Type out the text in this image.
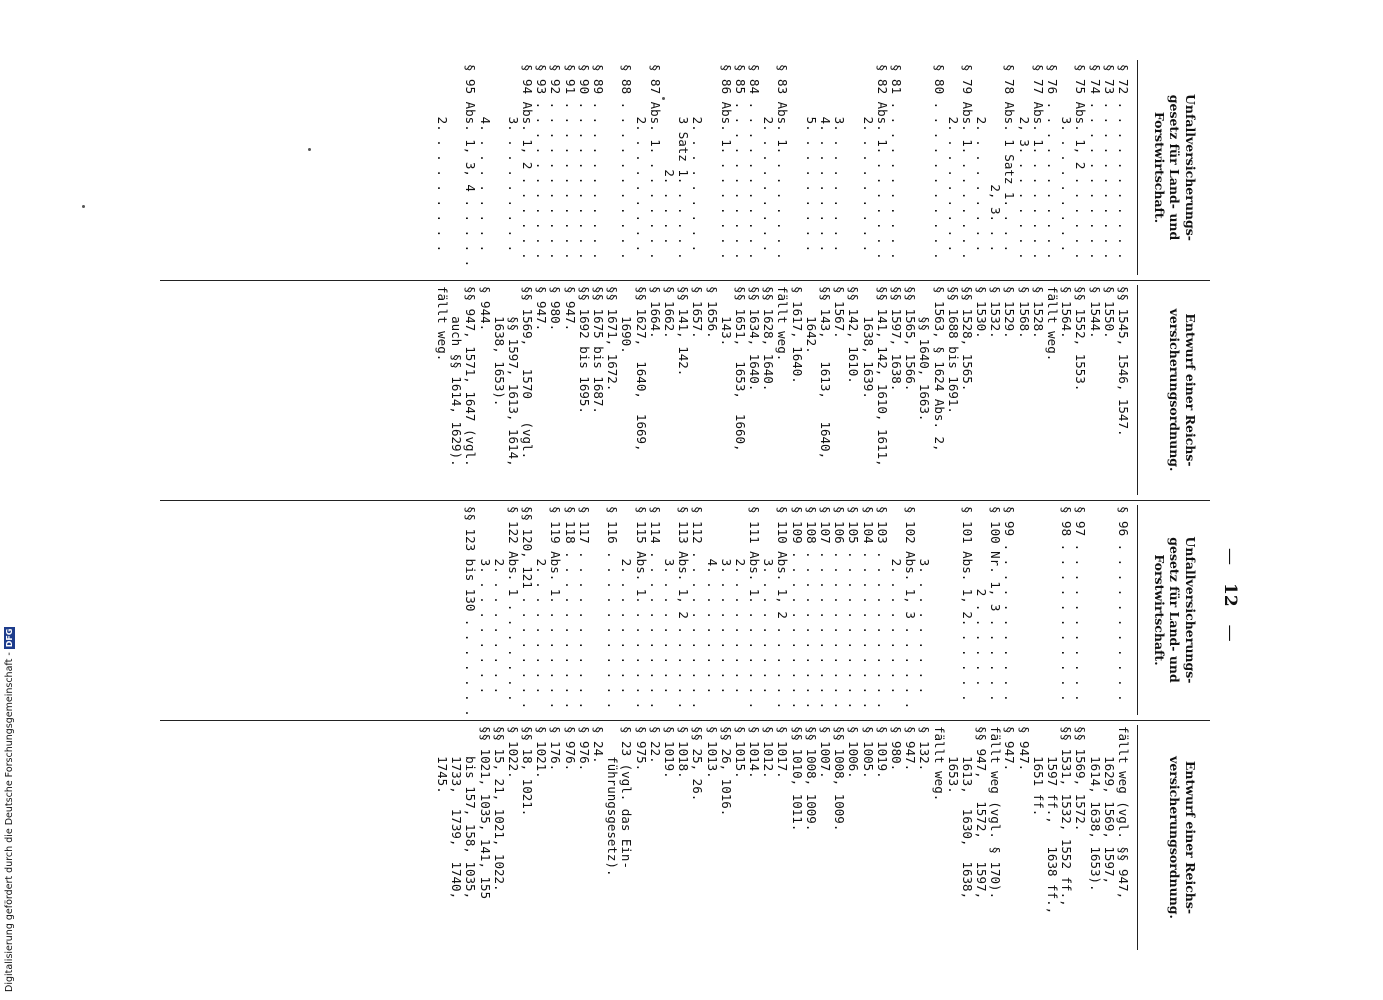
—12—
Unfallversicherungs-
gesetz für Land- und
Forstwirtschaft.
Entwurf einer Reichs-
versicherungsordnung.
Unfallversicherungs-
gesetz für Land- und
Forstwirtschaft.
Entwurf einer Reichs-
versicherungsordnung.
§ 72 . . . . . . . . . . .
§ 73 . . . . . . . . . . .
§ 74 . . . . . . . . . . .
§ 75 Abs. 1, 2 . . . . . .
3. . . . . . . . .
§ 76 . . . . . . . . . . .
§ 77 Abs. 1. . . . . . . .
2, 3. . . . . . . .
§ 78 Abs. 1 Satz 1. . . .
2, 3. . .
2. . . . . . . . .
§ 79 Abs. 1. . . . . . . .
2. . . . . . . . .
§ 80 . . . . . . . . . . .
§ 81 . . . . . . . . . . .
§ 82 Abs. 1. . . . . . . .
2. . . . . . . . .
3. . . . . . . . .
4. . . . . . . . .
5. . . . . . . . .
§ 83 Abs. 1. . . . . . . .
2. . . . . . . . .
§ 84 . . . . . . . . . . .
§ 85 . . . . . . . . . . .
§ 86 Abs. 1. . . . . . . .
2. . . . . . . . .
3 Satz 1. . . . . .
2. . . . .
§ 87 Abs. 1. . . . . . . .
2. . . . . . . . .
§ 88 . . . . . . . . . . .
§ 89 . . . . . . . . . . .
§ 90 . . . . . . . . . . .
§ 91 . . . . . . . . . . .
§ 92 . . . . . . . . . . .
§ 93 . . . . . . . . . . .
§ 94 Abs. 1, 2 . . . . . .
3. . . . . . . . .
4. . . . . . . . .
§ 95 Abs. 1, 3, 4 . . . . .
2. . . . . . . . .
§§ 1545, 1546, 1547.
§ 1550.
§ 1544.
§§ 1552, 1553.
§ 1564.
fällt weg.
§ 1528.
§ 1568.
§ 1529.
§ 1532.
§ 1530.
§§ 1528, 1565.
§§ 1688 bis 1691.
§ 1563, § 1624 Abs. 2,
§§ 1640, 1663.
§§ 1565, 1566.
§§ 1597, 1638.
§§ 141, 142, 1610, 1611,
1638, 1639.
§§ 142, 1610.
§ 1567.
§§ 143,   1613,   1640,
1642.
§ 1617, 1640.
fällt weg.
§§ 1628, 1640.
§§ 1634, 1640.
§§ 1651,  1653,  1660,
143.
§ 1656.
§ 1657.
§§ 141, 142.
§ 1662.
§ 1664.
§§ 1627,  1640,  1669,
1690.
§§ 1671, 1672.
§§ 1675 bis 1687.
§§ 1692 bis 1695.
§ 947.
§ 980.
§ 947.
§§ 1569,   1570   (vgl.
§§ 1597, 1613, 1614,
1638, 1653).
§ 944.
§§ 947, 1571, 1647 (vgl.
auch §§ 1614, 1629).
fällt weg.
§ 96 . . . . . . . . . . .
§ 97 . . . . . . . . . . .
§ 98 . . . . . . . . . . .
§ 99 . . . . . . . . . . .
§ 100 Nr. 1, 3 . . . . . .
2 . . . . . .
§ 101 Abs. 1, 2. . . . . .
3. . . . . . . . .
§ 102 Abs. 1, 3 . . . . . .
2. . . . . . . . .
§ 103 . . . . . . . . . . .
§ 104 . . . . . . . . . . .
§ 105 . . . . . . . . . . .
§ 106 . . . . . . . . . . .
§ 107 . . . . . . . . . . .
§ 108 . . . . . . . . . . .
§ 109 . . . . . . . . . . .
§ 110 Abs. 1, 2 . . . . . .
3. . . . . . . . .
§ 111 Abs. 1. . . . . . . .
2. . . . . . . . .
3. . . . . . . . .
4. . . . . . . . .
§ 112 . . . . . . . . . . .
§ 113 Abs. 1, 2 . . . . . .
3. . . . . . . . .
§ 114 . . . . . . . . . . .
§ 115 Abs. 1. . . . . . . .
2. . . . . . . . .
§ 116 . . . . . . . . . . .
§ 117 . . . . . . . . . . .
§ 118 . . . . . . . . . . .
§ 119 Abs. 1. . . . . . . .
2. . . . . . . . .
§§ 120, 121 . . . . . . . .
§ 122 Abs. 1 . . . . . . .
2. . . . . . . . .
3. . . . . . . . .
§§ 123 bis 130 . . . . . . .
fällt weg (vgl. §§ 947,
1629, 1569, 1597,
1614, 1638, 1653).
§§ 1569, 1572.
§§ 1531, 1532, 1552 ff.,
1597 ff.,   1638 ff.,
1651 ff.
§ 947.
§ 947.
fällt weg (vgl. § 170).
§§ 947,   1572,   1597,
1613,  1630,  1638,
1653.
fällt weg.
§ 132.
§ 947.
§ 980.
§ 1019.
§ 1005.
§ 1006.
§§ 1008, 1009.
§ 1007.
§§ 1008, 1009.
§§ 1010, 1011.
§ 1017.
§ 1012.
§ 1014.
§ 1015.
§§ 26, 1016.
§ 1013.
§§ 25, 26.
§ 1018.
§ 1019.
§ 22.
§ 975.
§ 23 (vgl. das Ein-
führungsgesetz).
§ 24.
§ 976.
§ 976.
§ 176.
§ 1021.
§§ 18, 1021.
§ 1022.
§§ 15, 21, 1021, 1022.
§§ 1021, 1035, 141, 155
bis 157, 158, 1035,
1733,  1739,  1740,
1745.
Digitalisierung gefördert durch die Deutsche Forschungsgemeinschaft -DFG
